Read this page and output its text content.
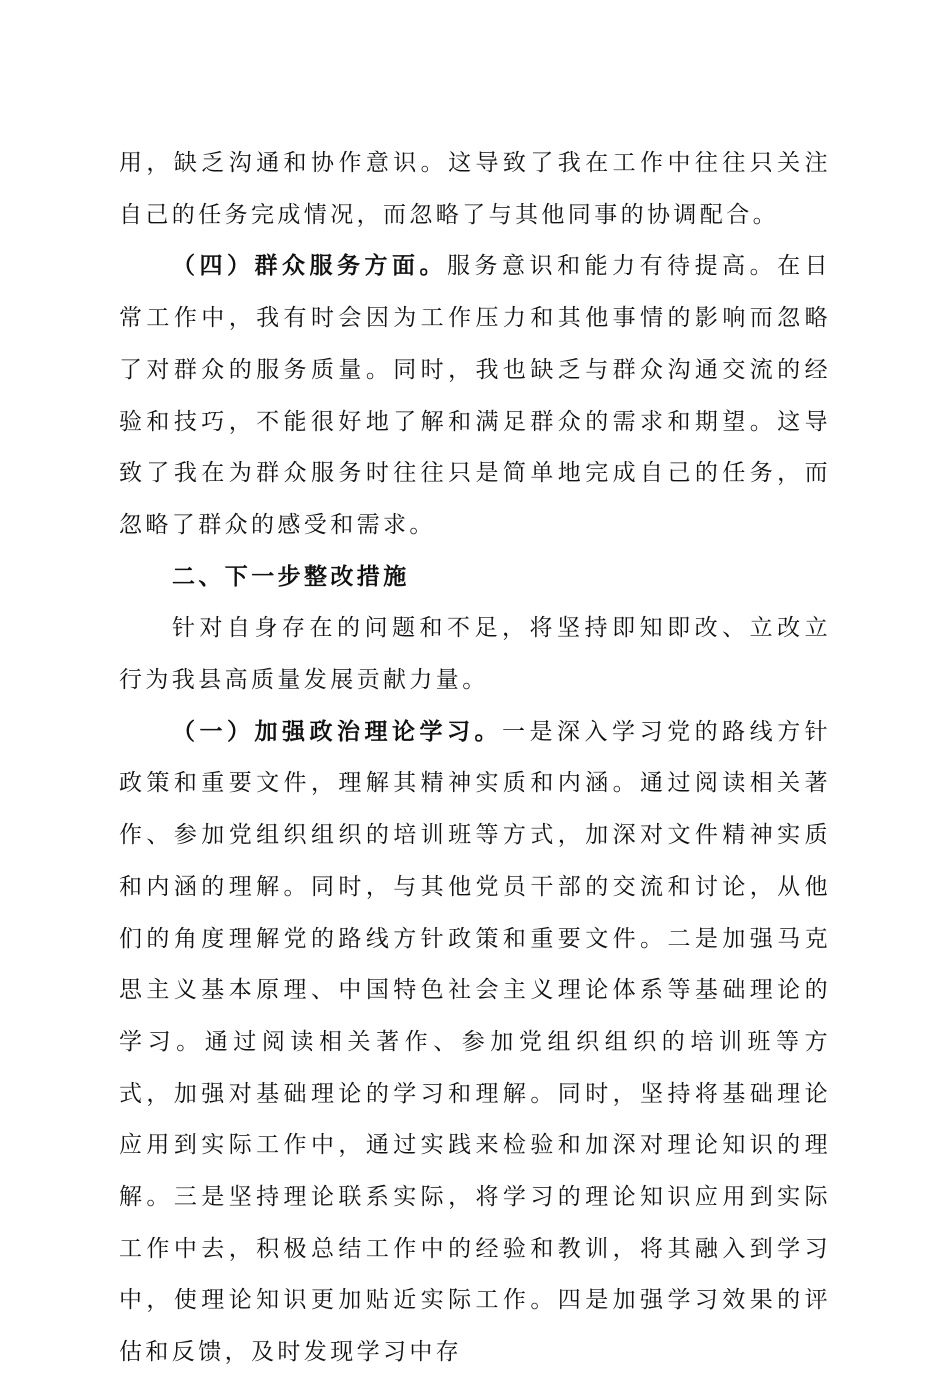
用，缺乏沟通和协作意识。这导致了我在工作中往往只关注自己的任务完成情况，而忽略了与其他同事的协调配合。

（四）群众服务方面。服务意识和能力有待提高。在日常工作中，我有时会因为工作压力和其他事情的影响而忽略了对群众的服务质量。同时，我也缺乏与群众沟通交流的经验和技巧，不能很好地了解和满足群众的需求和期望。这导致了我在为群众服务时往往只是简单地完成自己的任务，而忽略了群众的感受和需求。

二、下一步整改措施

针对自身存在的问题和不足，将坚持即知即改、立改立行为我县高质量发展贡献力量。

（一）加强政治理论学习。一是深入学习党的路线方针政策和重要文件，理解其精神实质和内涵。通过阅读相关著作、参加党组织组织的培训班等方式，加深对文件精神实质和内涵的理解。同时，与其他党员干部的交流和讨论，从他们的角度理解党的路线方针政策和重要文件。二是加强马克思主义基本原理、中国特色社会主义理论体系等基础理论的学习。通过阅读相关著作、参加党组织组织的培训班等方式，加强对基础理论的学习和理解。同时，坚持将基础理论应用到实际工作中，通过实践来检验和加深对理论知识的理解。三是坚持理论联系实际，将学习的理论知识应用到实际工作中去，积极总结工作中的经验和教训，将其融入到学习中，使理论知识更加贴近实际工作。四是加强学习效果的评估和反馈，及时发现学习中存
